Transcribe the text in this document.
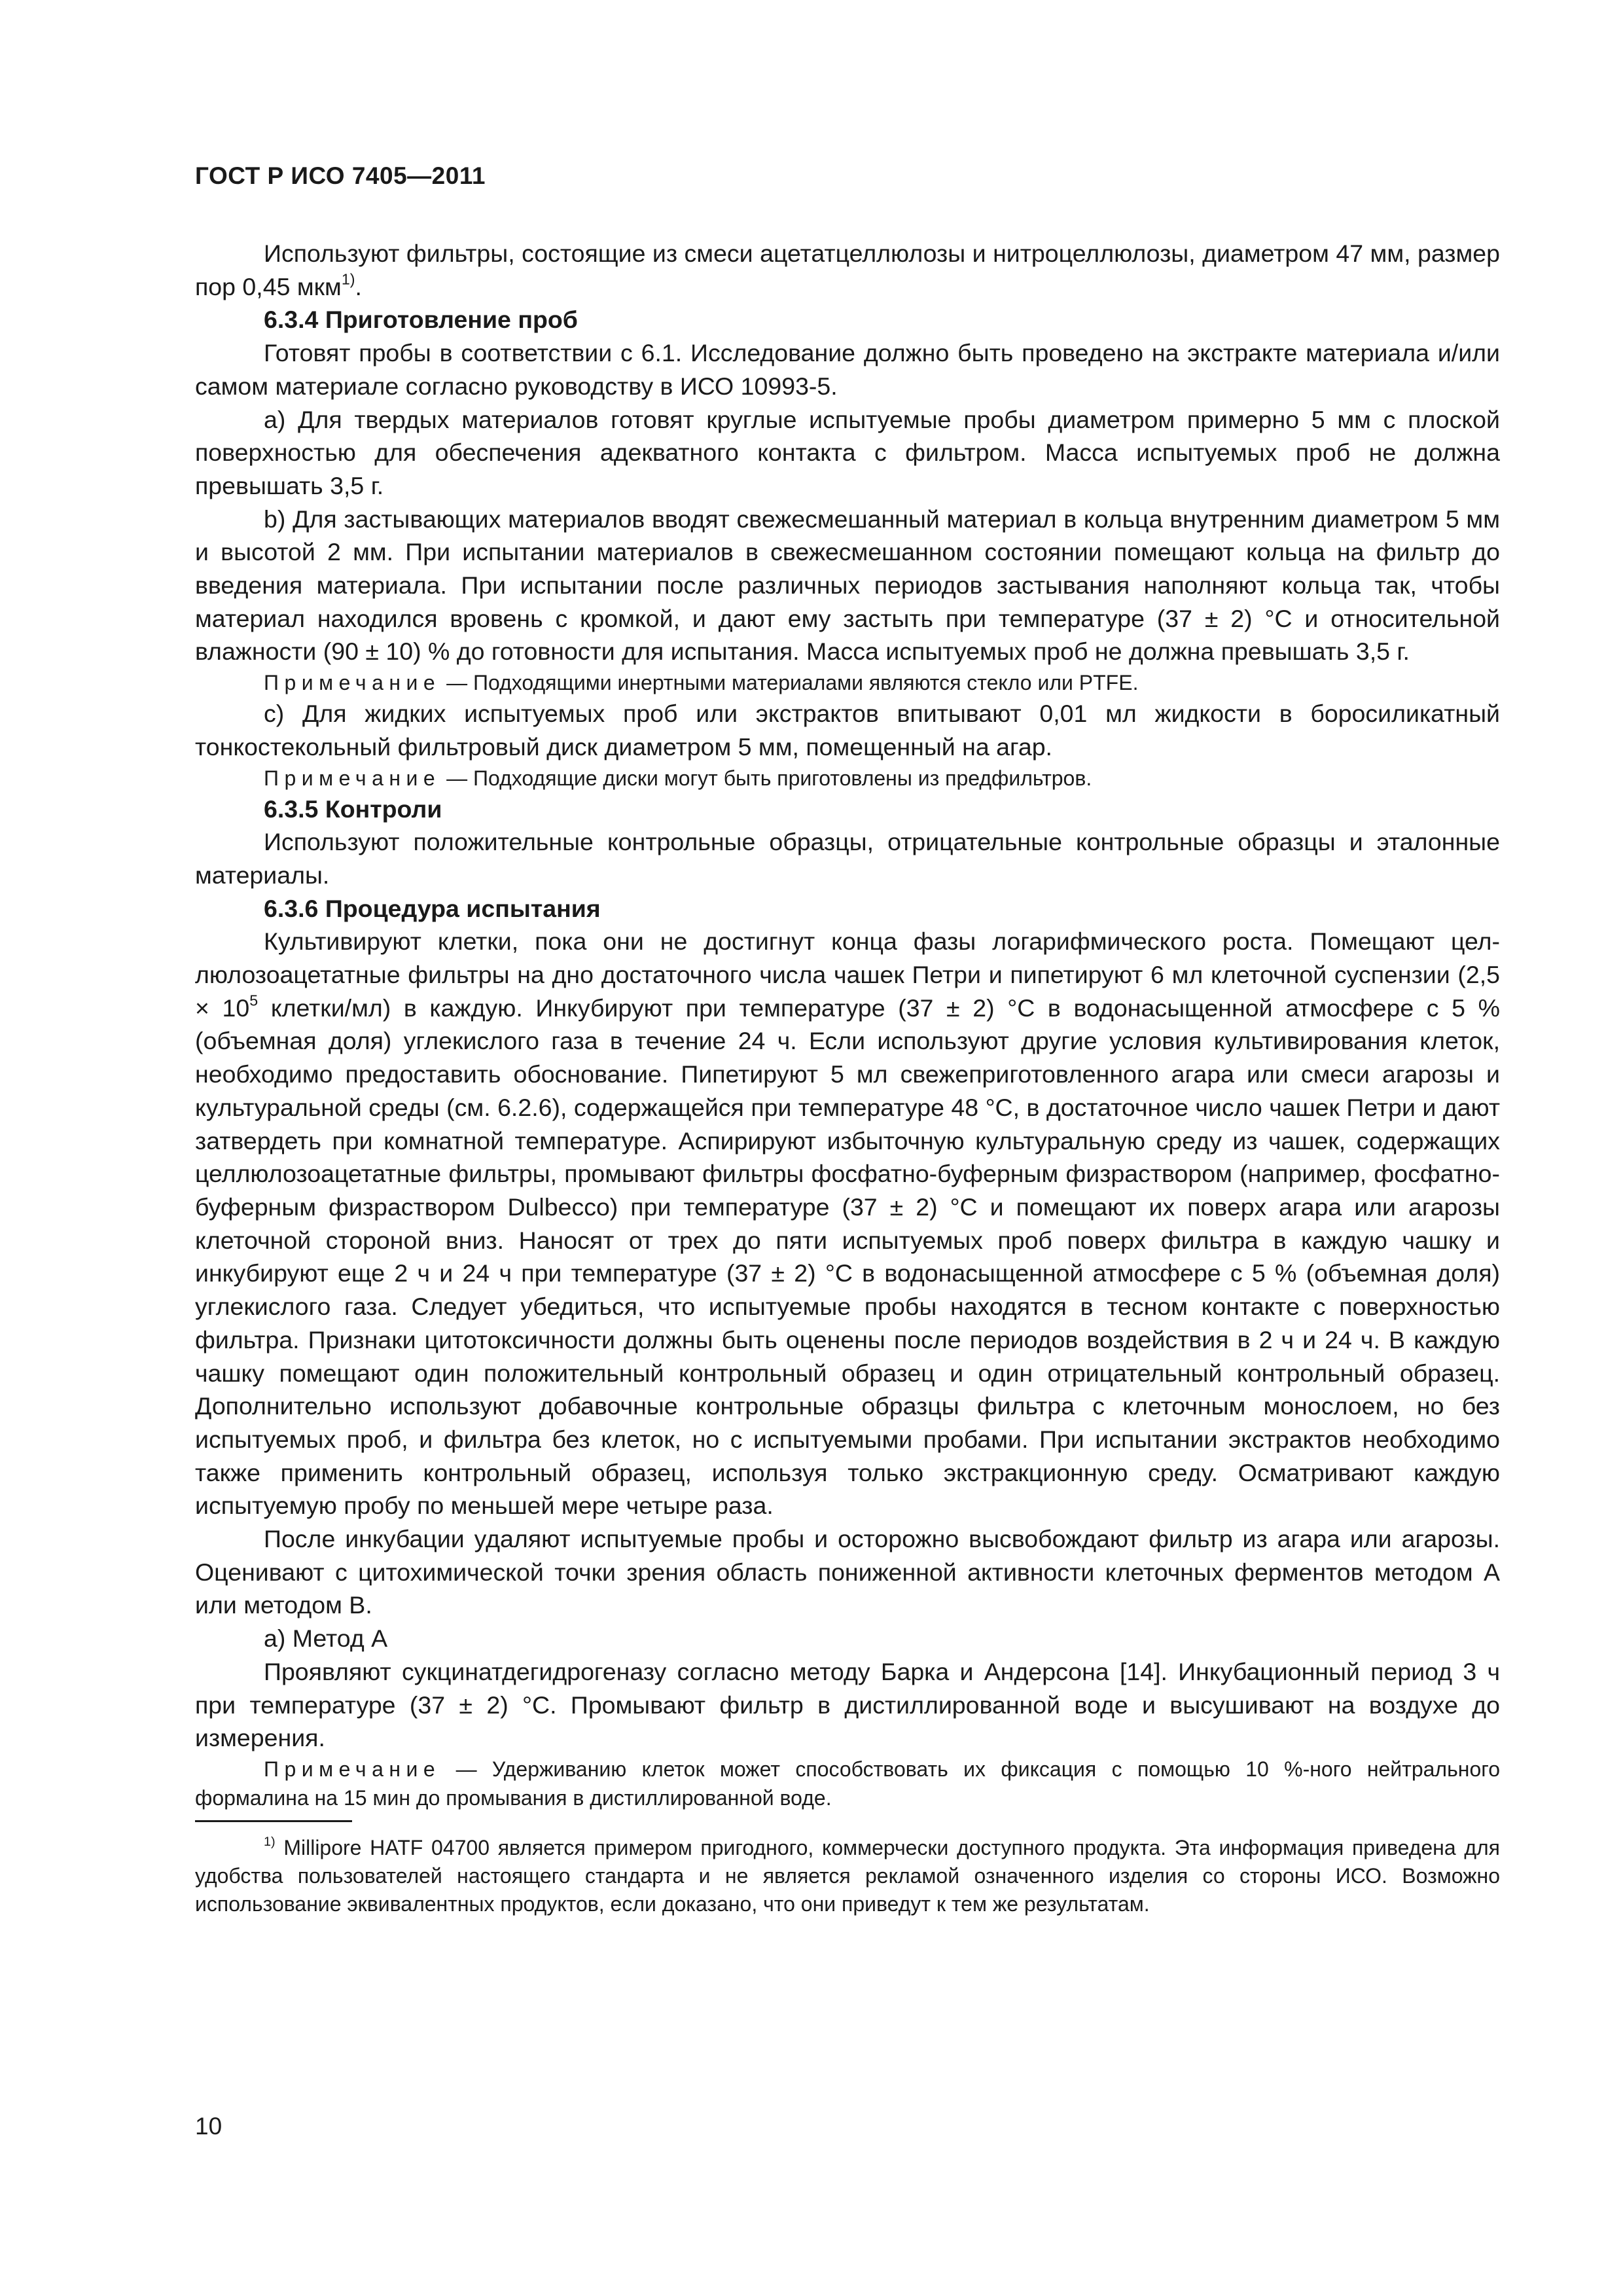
ГОСТ Р ИСО 7405—2011

Используют фильтры, состоящие из смеси ацетатцеллюлозы и нитроцеллюлозы, диаметром 47 мм, размер пор 0,45 мкм$^{1)}$.

6.3.4 Приготовление проб

Готовят пробы в соответствии с 6.1. Исследование должно быть проведено на экстракте материала и/или самом материале согласно руководству в ИСО 10993-5.

a) Для твердых материалов готовят круглые испытуемые пробы диаметром примерно 5 мм с плоской поверхностью для обеспечения адекватного контакта с фильтром. Масса испытуемых проб не должна превышать 3,5 г.

b) Для застывающих материалов вводят свежесмешанный материал в кольца внутренним диаметром 5 мм и высотой 2 мм. При испытании материалов в свежесмешанном состоянии помещают кольца на фильтр до введения материала. При испытании после различных периодов застывания наполняют кольца так, чтобы материал находился вровень с кромкой, и дают ему застыть при температуре (37 ± 2) °С и относительной влажности (90 ± 10) % до готовности для испытания. Масса испытуемых проб не должна превышать 3,5 г.

Примечание — Подходящими инертными материалами являются стекло или PTFE.

c) Для жидких испытуемых проб или экстрактов впитывают 0,01 мл жидкости в боросиликатный тонкостекольный фильтровый диск диаметром 5 мм, помещенный на агар.

Примечание — Подходящие диски могут быть приготовлены из предфильтров.

6.3.5 Контроли

Используют положительные контрольные образцы, отрицательные контрольные образцы и эталонные материалы.

6.3.6 Процедура испытания

Культивируют клетки, пока они не достигнут конца фазы логарифмического роста. Помещают целлюлозоацетатные фильтры на дно достаточного числа чашек Петри и пипетируют 6 мл клеточной суспензии ($2,5 \times 10^5$ клетки/мл) в каждую. Инкубируют при температуре (37 ± 2) °С в водонасыщенной атмосфере с 5 % (объемная доля) углекислого газа в течение 24 ч. Если используют другие условия культивирования клеток, необходимо предоставить обоснование. Пипетируют 5 мл свежеприготовленного агара или смеси агарозы и культуральной среды (см. 6.2.6), содержащейся при температуре 48 °С, в достаточное число чашек Петри и дают затвердеть при комнатной температуре. Аспирируют избыточную культуральную среду из чашек, содержащих целлюлозоацетатные фильтры, промывают фильтры фосфатно-буферным физраствором (например, фосфатно-буферным физраствором Dulbecco) при температуре (37 ± 2) °С и помещают их поверх агара или агарозы клеточной стороной вниз. Наносят от трех до пяти испытуемых проб поверх фильтра в каждую чашку и инкубируют еще 2 ч и 24 ч при температуре (37 ± 2) °С в водонасыщенной атмосфере с 5 % (объемная доля) углекислого газа. Следует убедиться, что испытуемые пробы находятся в тесном контакте с поверхностью фильтра. Признаки цитотоксичности должны быть оценены после периодов воздействия в 2 ч и 24 ч. В каждую чашку помещают один положительный контрольный образец и один отрицательный контрольный образец. Дополнительно используют добавочные контрольные образцы фильтра с клеточным монослоем, но без испытуемых проб, и фильтра без клеток, но с испытуемыми пробами. При испытании экстрактов необходимо также применить контрольный образец, используя только экстракционную среду. Осматривают каждую испытуемую пробу по меньшей мере четыре раза.

После инкубации удаляют испытуемые пробы и осторожно высвобождают фильтр из агара или агарозы. Оценивают с цитохимической точки зрения область пониженной активности клеточных ферментов методом А или методом В.

а) Метод А

Проявляют сукцинатдегидрогеназу согласно методу Барка и Андерсона [14]. Инкубационный период 3 ч при температуре (37 ± 2) °С. Промывают фильтр в дистиллированной воде и высушивают на воздухе до измерения.

Примечание — Удерживанию клеток может способствовать их фиксация с помощью 10 %-ного нейтрального формалина на 15 мин до промывания в дистиллированной воде.

$^{1)}$ Millipore HATF 04700 является примером пригодного, коммерчески доступного продукта. Эта информация приведена для удобства пользователей настоящего стандарта и не является рекламой означенного изделия со стороны ИСО. Возможно использование эквивалентных продуктов, если доказано, что они приведут к тем же результатам.

10
